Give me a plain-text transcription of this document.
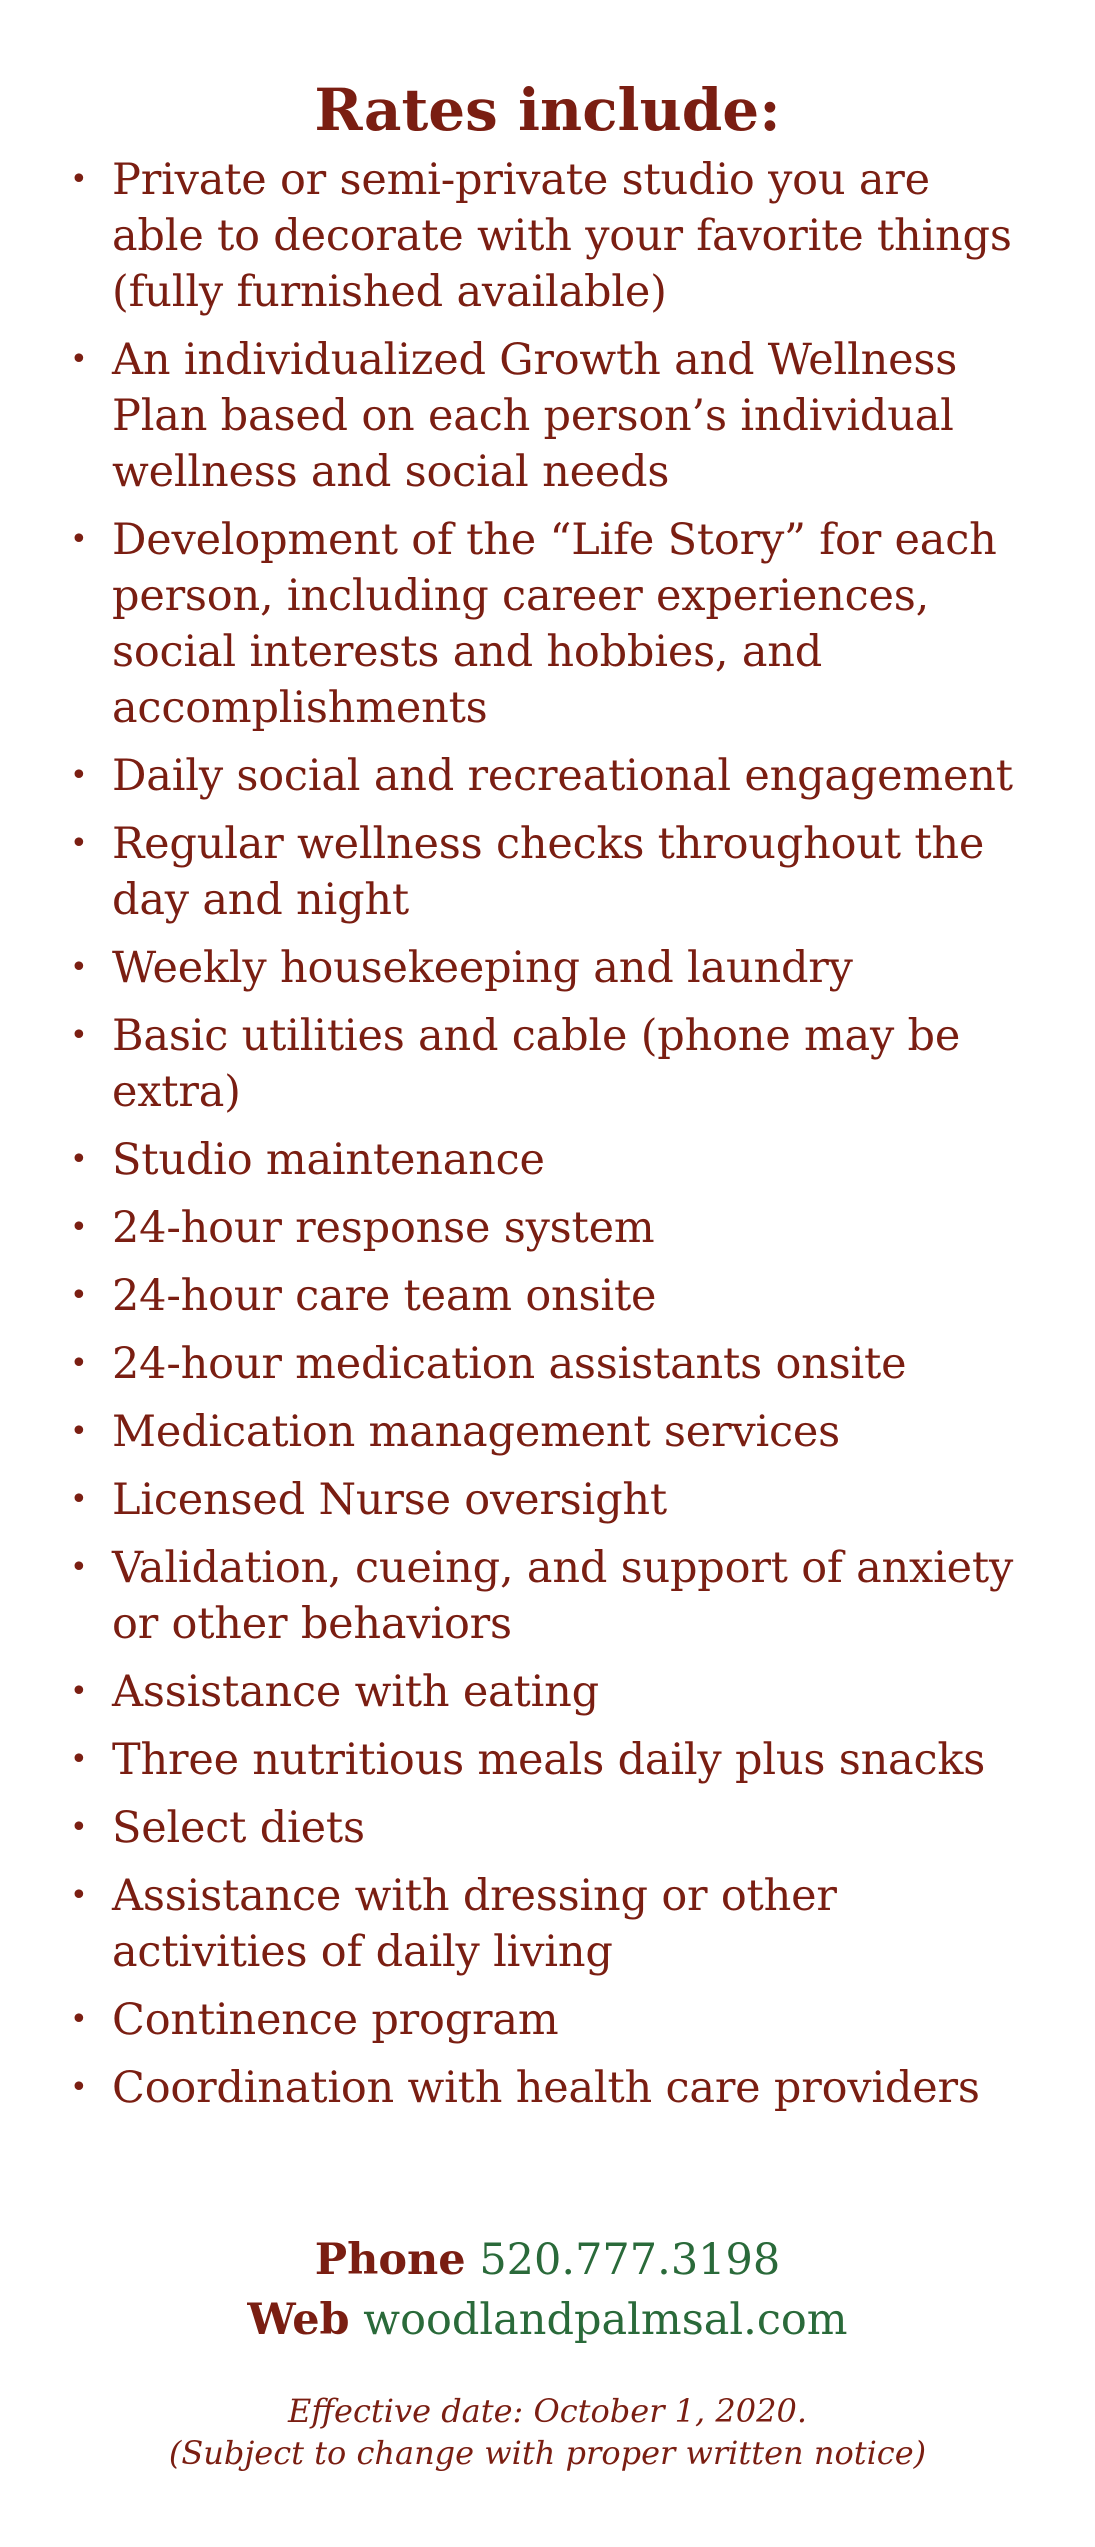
Rates include:
• Private or semi-private studio you are able to decorate with your favorite things (fully furnished available)
• An individualized Growth and Wellness Plan based on each person’s individual wellness and social needs
• Development of the “Life Story” for each person, including career experiences, social interests and hobbies, and accomplishments
• Daily social and recreational engagement
• Regular wellness checks throughout the day and night
• Weekly housekeeping and laundry
• Basic utilities and cable (phone may be extra)
• Studio maintenance
• 24-hour response system
• 24-hour care team onsite
• 24-hour medication assistants onsite
• Medication management services
• Licensed Nurse oversight
• Validation, cueing, and support of anxiety or other behaviors
• Assistance with eating
• Three nutritious meals daily plus snacks
• Select diets
• Assistance with dressing or other activities of daily living
• Continence program
• Coordination with health care providers
Phone 520.777.3198
Web woodlandpalmsal.com
Effective date: October 1, 2020.
(Subject to change with proper written notice)
